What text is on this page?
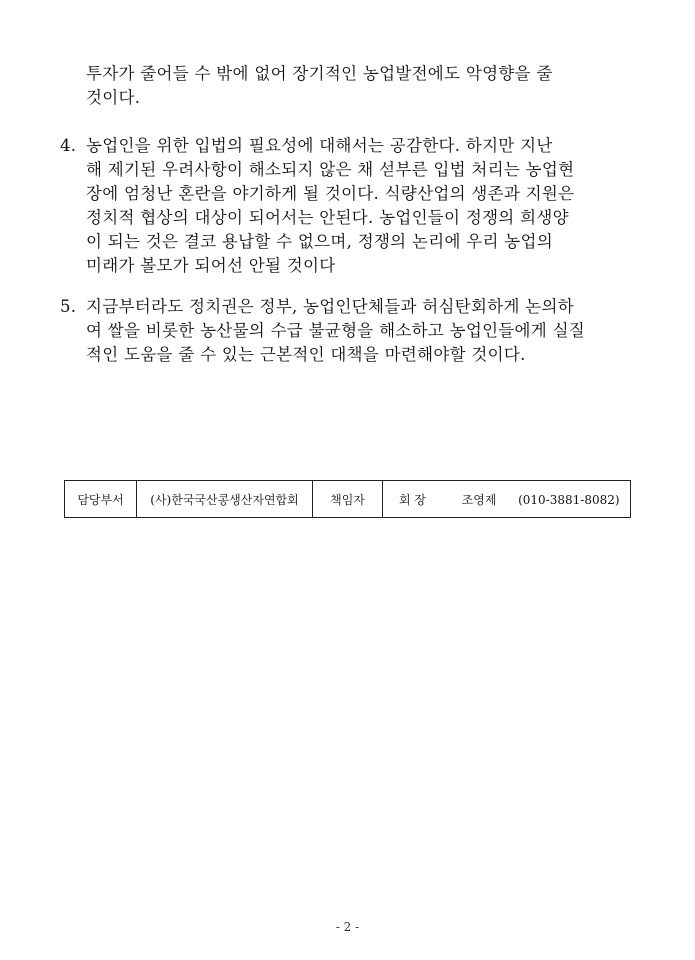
투자가 줄어들 수 밖에 없어 장기적인 농업발전에도 악영향을 줄
것이다.
4. 농업인을 위한 입법의 필요성에 대해서는 공감한다. 하지만 지난
해 제기된 우려사항이 해소되지 않은 채 섣부른 입법 처리는 농업현
장에 엄청난 혼란을 야기하게 될 것이다. 식량산업의 생존과 지원은
정치적 협상의 대상이 되어서는 안된다. 농업인들이 정쟁의 희생양
이 되는 것은 결코 용납할 수 없으며, 정쟁의 논리에 우리 농업의
미래가 볼모가 되어선 안될 것이다
5. 지금부터라도 정치권은 정부, 농업인단체들과 허심탄회하게 논의하
여 쌀을 비롯한 농산물의 수급 불균형을 해소하고 농업인들에게 실질
적인 도움을 줄 수 있는 근본적인 대책을 마련해야할 것이다.
담당부서	(사)한국국산콩생산자연합회	책임자	회 장	조영제 (010-3881-8082)
- 2 -
